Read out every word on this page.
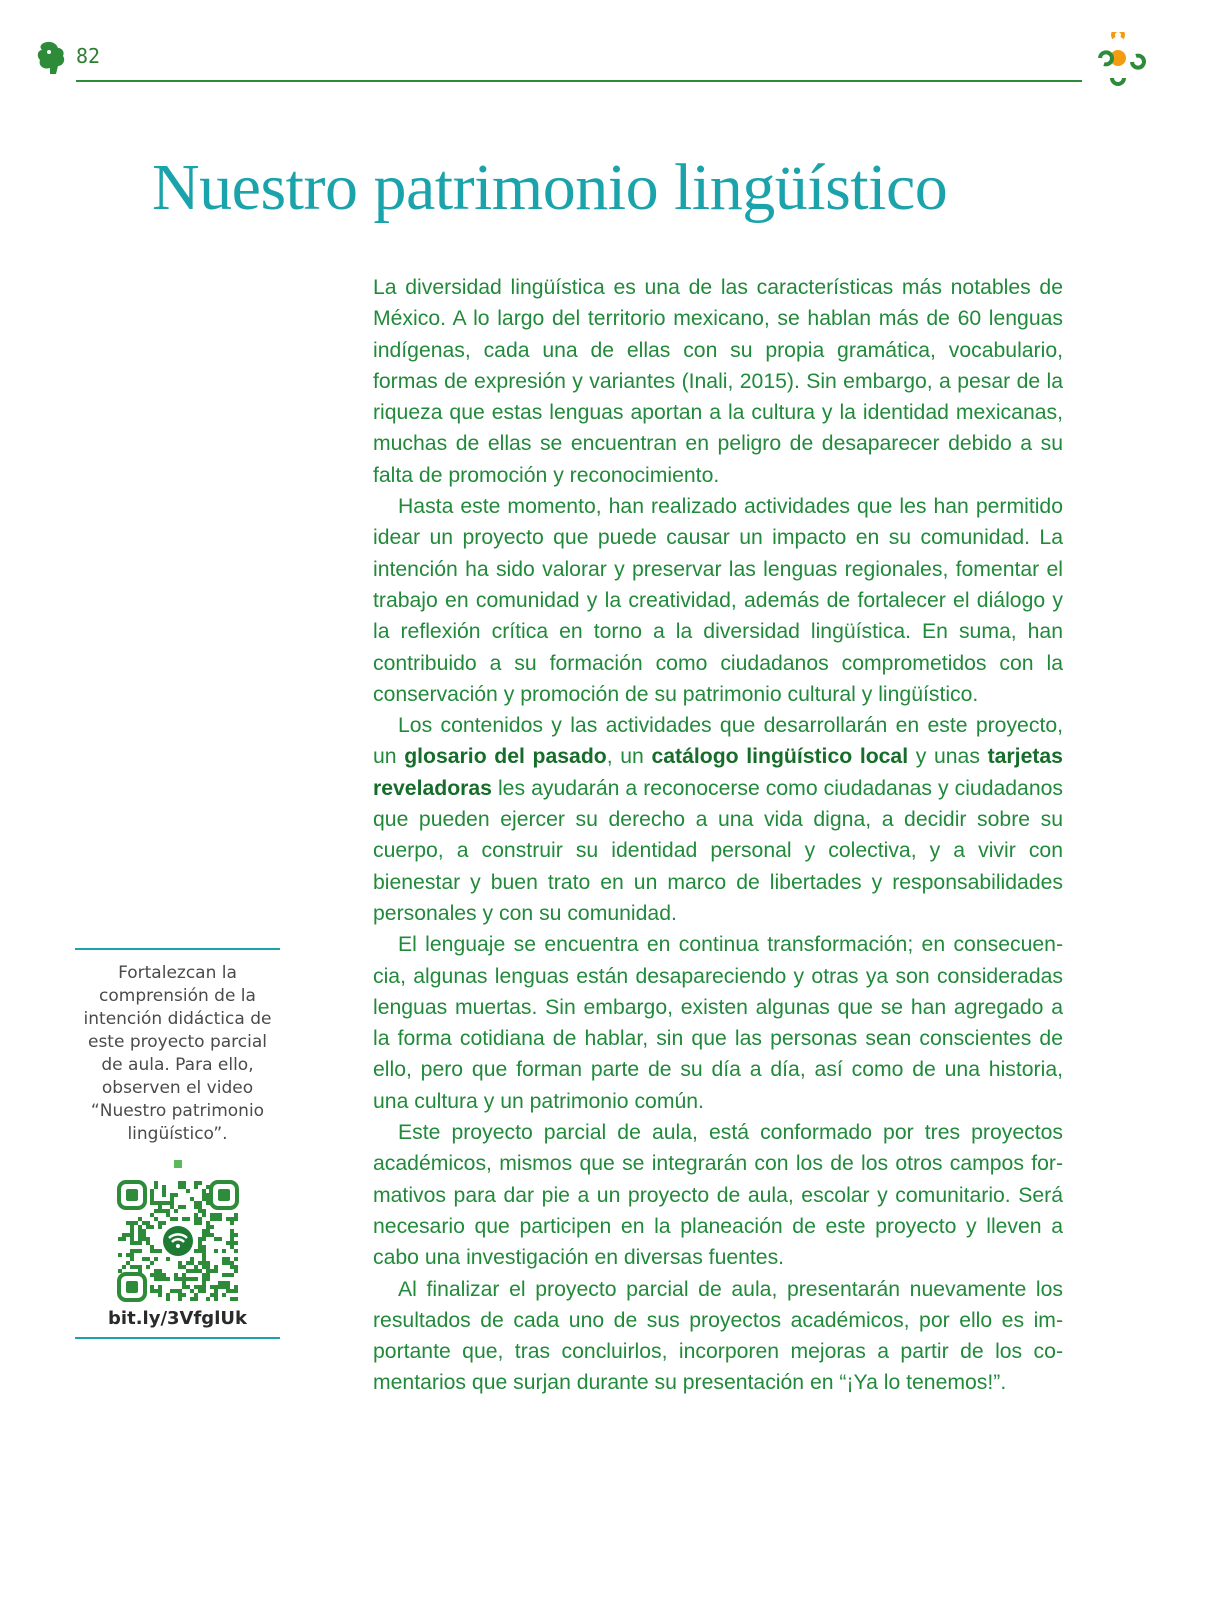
82
Nuestro patrimonio lingüístico

La diversidad lingüística es una de las características más notables de México. A lo largo del territorio mexicano, se hablan más de 60 lenguas indígenas, cada una de ellas con su propia gramática, vocabulario, formas de expresión y variantes (Inali, 2015). Sin embargo, a pesar de la riqueza que estas lenguas aportan a la cultura y la identidad mexicanas, muchas de ellas se encuentran en peligro de desaparecer debido a su falta de promoción y reconocimiento.

Hasta este momento, han realizado actividades que les han permitido idear un proyecto que puede causar un impacto en su comunidad. La intención ha sido valorar y preservar las lenguas regionales, fomentar el trabajo en comunidad y la creatividad, además de fortalecer el diálogo y la reflexión crítica en torno a la diversidad lingüística. En suma, han contribuido a su formación como ciudadanos comprometidos con la conservación y promoción de su patrimonio cultural y lingüístico.

Los contenidos y las actividades que desarrollarán en este proyecto, un glosario del pasado, un catálogo lingüístico local y unas tarjetas reveladoras les ayudarán a reconocerse como ciudadanas y ciudadanos que pueden ejercer su derecho a una vida digna, a decidir sobre su cuerpo, a construir su identidad personal y colectiva, y a vivir con bienestar y buen trato en un marco de libertades y responsabilidades personales y con su comunidad.

El lenguaje se encuentra en continua transformación; en consecuencia, algunas lenguas están desapareciendo y otras ya son consideradas lenguas muertas. Sin embargo, existen algunas que se han agregado a la forma cotidiana de hablar, sin que las personas sean conscientes de ello, pero que forman parte de su día a día, así como de una historia, una cultura y un patrimonio común.

Este proyecto parcial de aula, está conformado por tres proyectos académicos, mismos que se integrarán con los de los otros campos formativos para dar pie a un proyecto de aula, escolar y comunitario. Será necesario que participen en la planeación de este proyecto y lleven a cabo una investigación en diversas fuentes.

Al finalizar el proyecto parcial de aula, presentarán nuevamente los resultados de cada uno de sus proyectos académicos, por ello es importante que, tras concluirlos, incorporen mejoras a partir de los comentarios que surjan durante su presentación en “¡Ya lo tenemos!”.

Fortalezcan la comprensión de la intención didáctica de este proyecto parcial de aula. Para ello, observen el video “Nuestro patrimonio lingüístico”.
bit.ly/3VfglUk
